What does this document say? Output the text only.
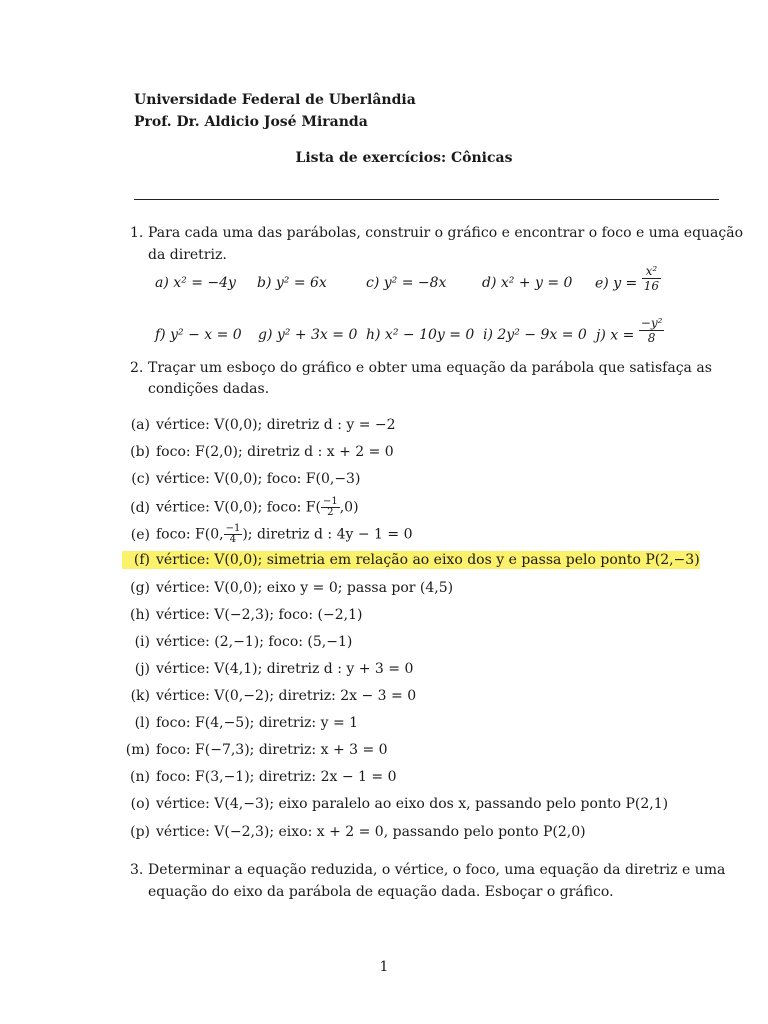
Universidade Federal de Uberlândia
Prof. Dr. Aldicio José Miranda
Lista de exercícios: Cônicas
1. Para cada uma das parábolas, construir o gráfico e encontrar o foco e uma equação
da diretriz.
a) x² = −4y b) y² = 6x	c) y² = −8x	d) x² + y = 0 e) $y = \frac{\text{x²}}{16}$
f) y² − x = 0 g) y² + 3x = 0 h) x² − 10y = 0 i) 2y² − 9x = 0 j) $x = \frac{\text{−y²}}{8}$
2. Traçar um esboço do gráfico e obter uma equação da parábola que satisfaça as
condições dadas.
(a) vértice: V(0,0); diretriz d : y = −2
(b) foco: F(2,0); diretriz d : x + 2 = 0
(c) vértice: V(0,0); foco: F(0,−3)
(d) vértice: V(0,0); foco: $F( \frac{-1}{2} ,0)$
(e) foco: F(0, $\frac{-1}{4}$ ); diretriz d : 4y − 1 = 0
(f) vértice: V(0,0); simetria em relação ao eixo dos y e passa pelo ponto P(2,−3)
(g) vértice: V(0,0); eixo y = 0; passa por (4,5)
(h) vértice: V(−2,3); foco: (−2,1)
(i) vértice: (2,−1); foco: (5,−1)
(j) vértice: V(4,1); diretriz d : y + 3 = 0
(k) vértice: V(0,−2); diretriz: 2x − 3 = 0
(l) foco: F(4,−5); diretriz: y = 1
(m) foco: F(−7,3); diretriz: x + 3 = 0
(n) foco: F(3,−1); diretriz: 2x − 1 = 0
(o) vértice: V(4,−3); eixo paralelo ao eixo dos x, passando pelo ponto P(2,1)
(p) vértice: V(−2,3); eixo: x + 2 = 0, passando pelo ponto P(2,0)
3. Determinar a equação reduzida, o vértice, o foco, uma equação da diretriz e uma
equação do eixo da parábola de equação dada. Esboçar o gráfico.
1
